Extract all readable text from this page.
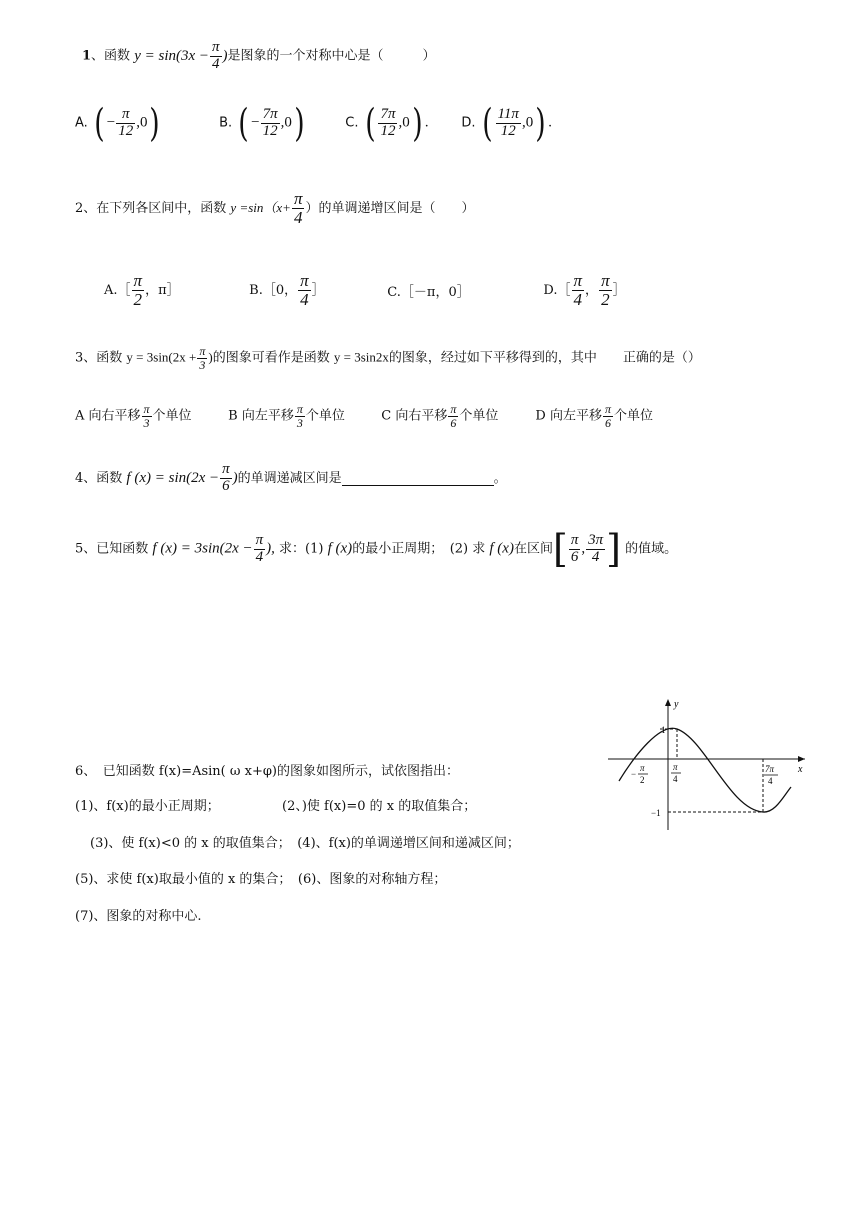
1、函数 $y = \sin(3x - \frac{\pi}{4}$ )是图象的一个对称中心是（　　　）
A. ( − $\frac{\pi}{12} ,0$)	B. ( − $\frac{7\pi}{12} ,0$)	C. ( $\frac{7\pi}{12} ,0$) .	D. ( $\frac{11\pi}{12} ,0$) .
2、在下列各区间中，函数 $y =\sin(x+ \frac{\pi}{4}$ ）的单调递增区间是（　　）
A.［ $\frac{\pi}{2}$ ，π］	B.［0， $\frac{\pi}{4}$ ］	C.［－π，0］	D.［ $\frac{\pi}{4}$ ， $\frac{\pi}{2}$ ］
3、函数 $y = 3\sin(2x + \frac{\pi}{3}$ )的图象可看作是函数 y = 3sin2x的图象，经过如下平移得到的，其中　　正确的是（）
A 向右平移 $\frac{\pi}{3}$ 个单位	B 向左平移 $\frac{\pi}{3}$ 个单位	C 向右平移 $\frac{\pi}{6}$ 个单位	D 向左平移 $\frac{\pi}{6}$ 个单位
4、函数 f $(x) = \sin(2x - \frac{\pi}{6}$ )的单调递减区间是	。
5、已知函数 f $(x) = 3\sin(2x - \frac{\pi}{4}$ ), 求：(1) f (x)的最小正周期；　(2) 求 f (x)在区间[ $\frac{\pi}{6}$ , $\frac{3\pi}{4}$ ] 的值域。
6、　已知函数 f(x)=Asin( ω x+φ)的图象如图所示，试依图指出：
(1)、f(x)的最小正周期；	(2、)使 f(x)=0 的 x 的取值集合；
(3)、使 f(x)<0 的 x 的取值集合；　(4)、f(x)的单调递增区间和递减区间；
(5)、求使 f(x)取最小值的 x 的集合；　(6)、图象的对称轴方程；
(7)、图象的对称中心.
y
x
1
−1
−
π
2
π
4
7π
4
